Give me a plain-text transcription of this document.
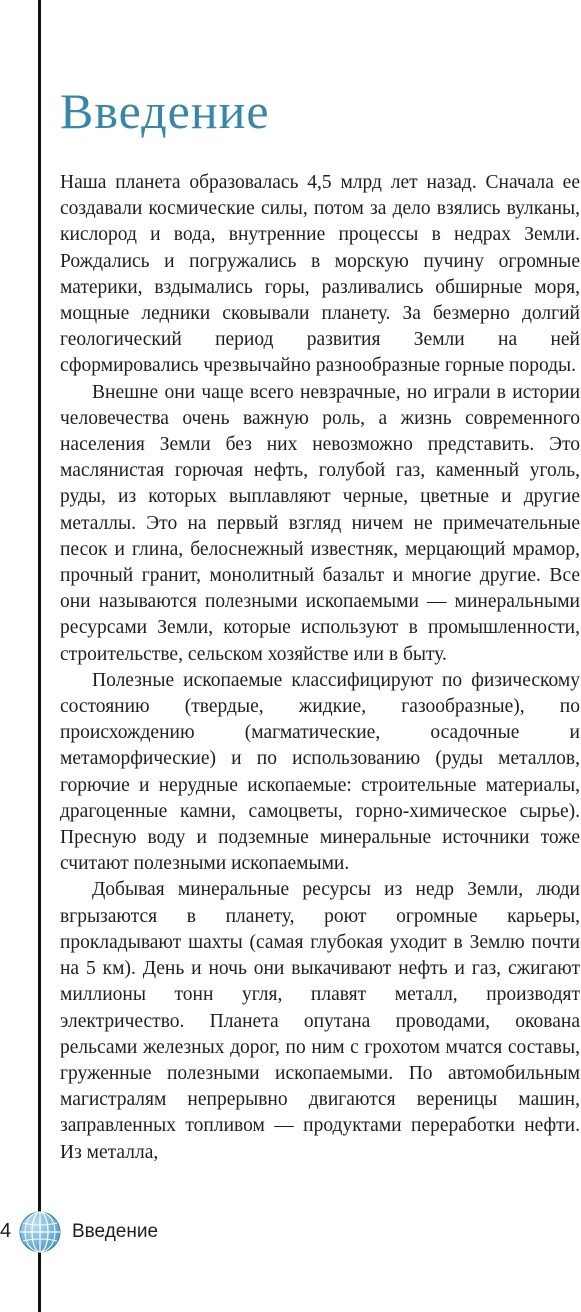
Введение

Наша планета образовалась 4,5 млрд лет назад. Сначала ее создавали космические силы, потом за дело взялись вулканы, кислород и вода, внутренние процессы в недрах Земли. Рождались и погружались в морскую пучину огромные материки, вздымались горы, разливались обширные моря, мощные ледники сковывали планету. За безмерно долгий геологический период развития Земли на ней сформировались чрезвычайно разнообразные горные породы.

Внешне они чаще всего невзрачные, но играли в истории человечества очень важную роль, а жизнь современного населения Земли без них невозможно представить. Это маслянистая горючая нефть, голубой газ, каменный уголь, руды, из которых выплавляют черные, цветные и другие металлы. Это на первый взгляд ничем не примечательные песок и глина, белоснежный известняк, мерцающий мрамор, прочный гранит, монолитный базальт и многие другие. Все они называются полезными ископаемыми — минеральными ресурсами Земли, которые используют в промышленности, строительстве, сельском хозяйстве или в быту.

Полезные ископаемые классифицируют по физическому состоянию (твердые, жидкие, газообразные), по происхождению (магматические, осадочные и метаморфические) и по использованию (руды металлов, горючие и нерудные ископаемые: строительные материалы, драгоценные камни, самоцветы, горно-химическое сырье). Пресную воду и подземные минеральные источники тоже считают полезными ископаемыми.

Добывая минеральные ресурсы из недр Земли, люди вгрызаются в планету, роют огромные карьеры, прокладывают шахты (самая глубокая уходит в Землю почти на 5 км). День и ночь они выкачивают нефть и газ, сжигают миллионы тонн угля, плавят металл, производят электричество. Планета опутана проводами, окована рельсами железных дорог, по ним с грохотом мчатся составы, груженные полезными ископаемыми. По автомобильным магистралям непрерывно двигаются вереницы машин, заправленных топливом — продуктами переработки нефти. Из металла,

4	Введение
